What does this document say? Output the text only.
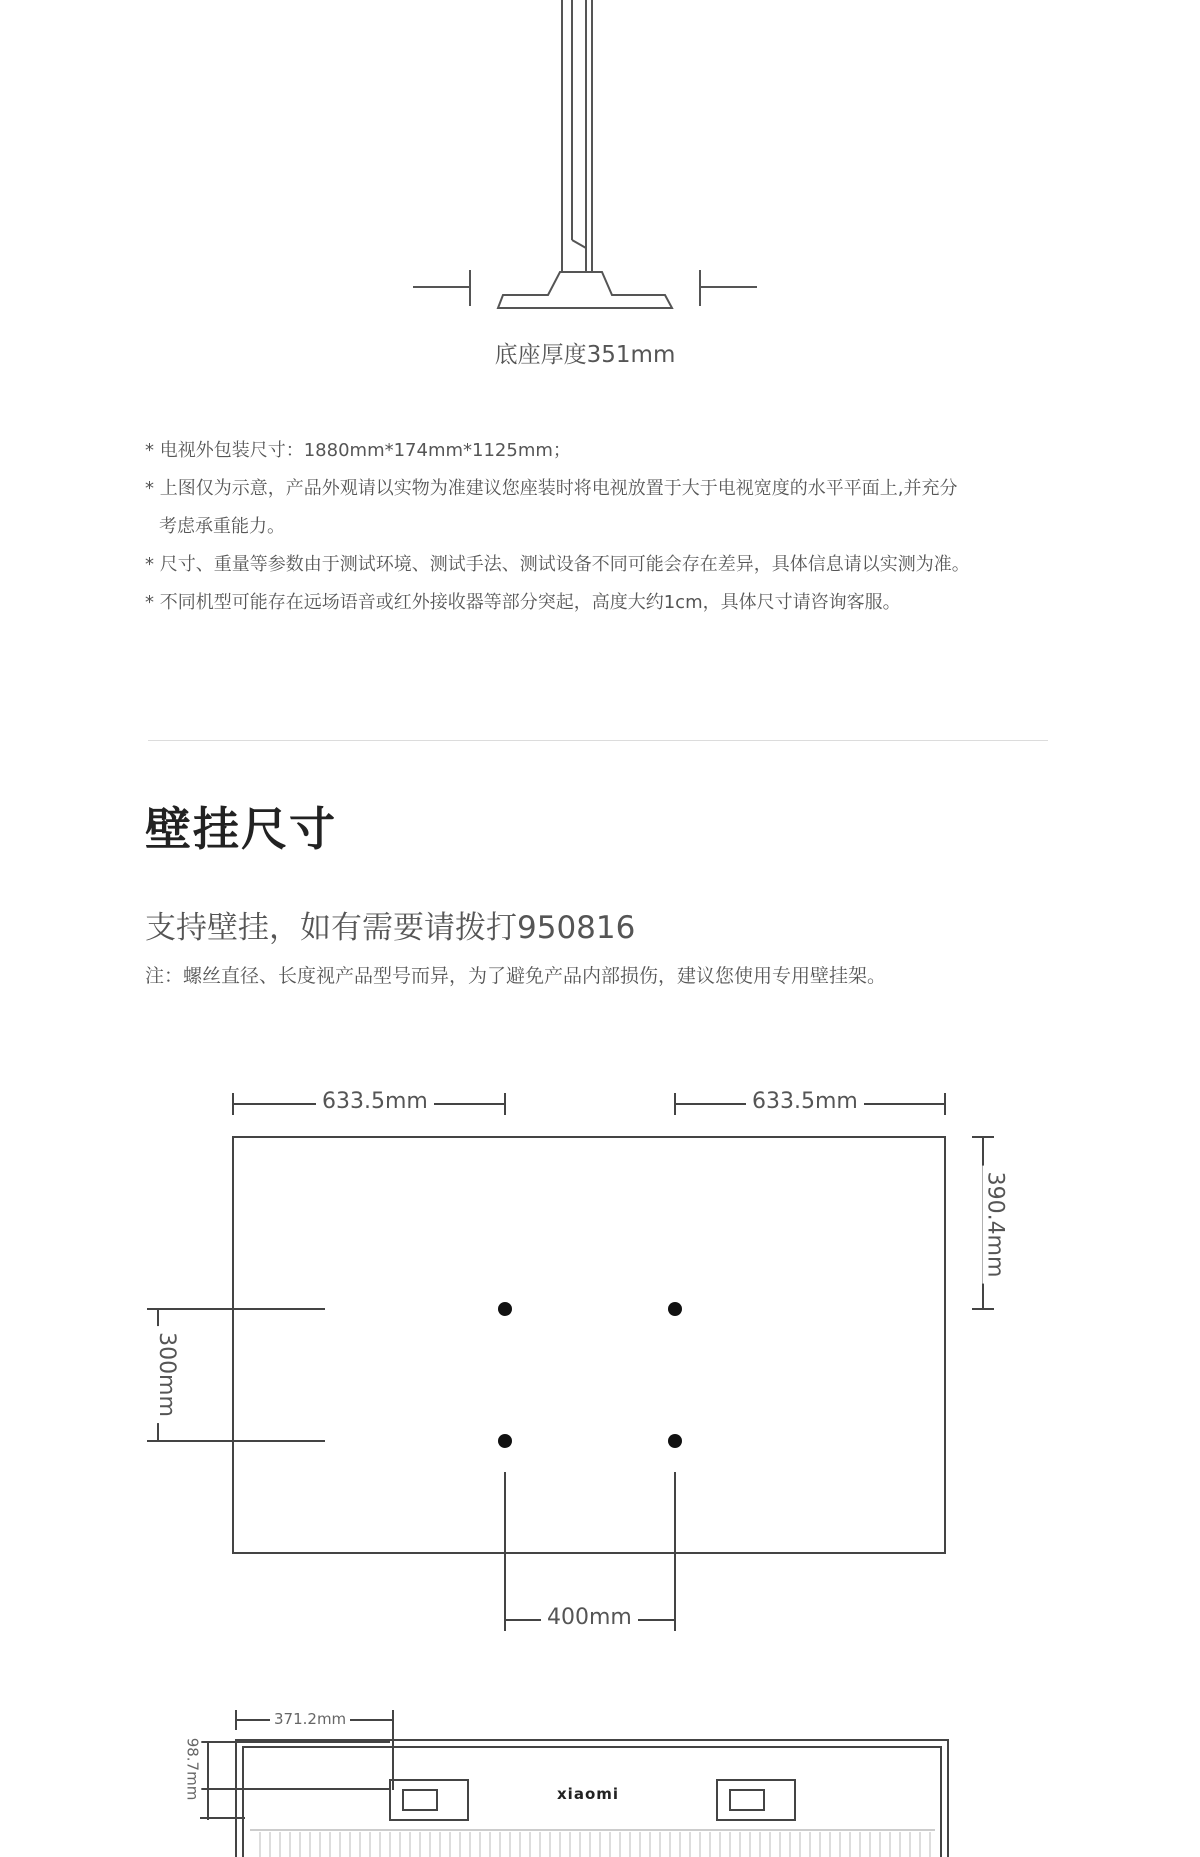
底座厚度351mm
* 电视外包装尺寸：1880mm*174mm*1125mm；
* 上图仅为示意，产品外观请以实物为准建议您座装时将电视放置于大于电视宽度的水平平面上,并充分
考虑承重能力。
* 尺寸、重量等参数由于测试环境、测试手法、测试设备不同可能会存在差异，具体信息请以实测为准。
* 不同机型可能存在远场语音或红外接收器等部分突起，高度大约1cm，具体尺寸请咨询客服。
壁挂尺寸
支持壁挂，如有需要请拨打950816
注：螺丝直径、长度视产品型号而异，为了避免产品内部损伤，建议您使用专用壁挂架。
633.5mm	633.5mm
390.4mm
300mm
400mm
371.2mm
98.7mm	xiaomi
